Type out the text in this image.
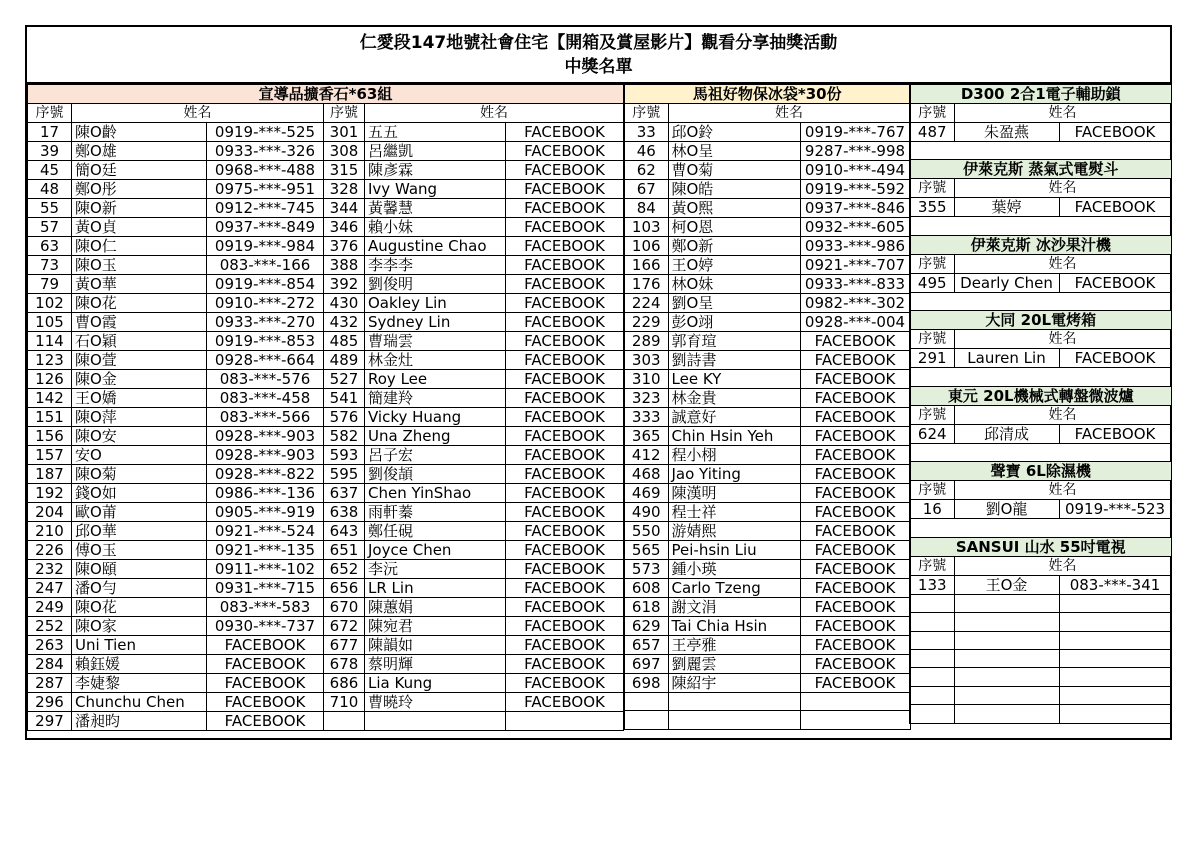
仁愛段147地號社會住宅【開箱及賞屋影片】觀看分享抽獎活動
中獎名單
宣導品擴香石*63組					
序號	姓名		序號	姓名	
17	陳O齡	0919-***-525	301	五五	FACEBOOK
39	鄭O雄	0933-***-326	308	呂繼凱	FACEBOOK
45	簡O廷	0968-***-488	315	陳彥霖	FACEBOOK
48	鄭O彤	0975-***-951	328	Ivy Wang	FACEBOOK
55	陳O新	0912-***-745	344	黃馨慧	FACEBOOK
57	黃O貞	0937-***-849	346	賴小妹	FACEBOOK
63	陳O仁	0919-***-984	376	Augustine Chao	FACEBOOK
73	陳O玉	083-***-166	388	李李李	FACEBOOK
79	黃O華	0919-***-854	392	劉俊明	FACEBOOK
102	陳O花	0910-***-272	430	Oakley Lin	FACEBOOK
105	曹O霞	0933-***-270	432	Sydney Lin	FACEBOOK
114	石O穎	0919-***-853	485	曹瑞雲	FACEBOOK
123	陳O萱	0928-***-664	489	林金灶	FACEBOOK
126	陳O金	083-***-576	527	Roy Lee	FACEBOOK
142	王O嬌	083-***-458	541	簡建羚	FACEBOOK
151	陳O萍	083-***-566	576	Vicky Huang	FACEBOOK
156	陳O安	0928-***-903	582	Una Zheng	FACEBOOK
157	安O	0928-***-903	593	呂子宏	FACEBOOK
187	陳O菊	0928-***-822	595	劉俊頡	FACEBOOK
192	錢O如	0986-***-136	637	Chen YinShao	FACEBOOK
204	歐O莆	0905-***-919	638	雨軒蓁	FACEBOOK
210	邱O華	0921-***-524	643	鄭任硯	FACEBOOK
226	傅O玉	0921-***-135	651	Joyce Chen	FACEBOOK
232	陳O頤	0911-***-102	652	李沅	FACEBOOK
247	潘O勻	0931-***-715	656	LR Lin	FACEBOOK
249	陳O花	083-***-583	670	陳蕙娟	FACEBOOK
252	陳O家	0930-***-737	672	陳宛君	FACEBOOK
263	Uni Tien	FACEBOOK	677	陳韻如	FACEBOOK
284	賴鈺媛	FACEBOOK	678	蔡明輝	FACEBOOK
287	李婕黎	FACEBOOK	686	Lia Kung	FACEBOOK
296	Chunchu Chen	FACEBOOK	710	曹曉玲	FACEBOOK
297	潘昶昀	FACEBOOK			
馬祖好物保冰袋*30份		
序號	姓名	
33	邱O鈴	0919-***-767
46	林O呈	9287-***-998
62	曹O菊	0910-***-494
67	陳O皓	0919-***-592
84	黃O熙	0937-***-846
103	柯O恩	0932-***-605
106	鄭O新	0933-***-986
166	王O婷	0921-***-707
176	林O妹	0933-***-833
224	劉O呈	0982-***-302
229	彭O翊	0928-***-004
289	郭育瑄	FACEBOOK
303	劉詩書	FACEBOOK
310	Lee KY	FACEBOOK
323	林金貴	FACEBOOK
333	誠意好	FACEBOOK
365	Chin Hsin Yeh	FACEBOOK
412	程小栩	FACEBOOK
468	Jao Yiting	FACEBOOK
469	陳漢明	FACEBOOK
490	程士祥	FACEBOOK
550	游婧熙	FACEBOOK
565	Pei-hsin Liu	FACEBOOK
573	鍾小瑛	FACEBOOK
608	Carlo Tzeng	FACEBOOK
618	謝文涓	FACEBOOK
629	Tai Chia Hsin	FACEBOOK
657	王亭雅	FACEBOOK
697	劉麗雲	FACEBOOK
698	陳紹宇	FACEBOOK

D300 2合1電子輔助鎖		
序號	姓名	
487	朱盈燕	FACEBOOK

伊萊克斯 蒸氣式電熨斗		
序號	姓名	
355	葉婷	FACEBOOK

伊萊克斯 冰沙果汁機		
序號	姓名	
495	Dearly Chen	FACEBOOK

大同 20L電烤箱		
序號	姓名	
291	Lauren Lin	FACEBOOK

東元 20L機械式轉盤微波爐		
序號	姓名	
624	邱清成	FACEBOOK

聲寶 6L除濕機		
序號	姓名	
16	劉O龍	0919-***-523

SANSUI 山水 55吋電視		
序號	姓名	
133	王O金	083-***-341
